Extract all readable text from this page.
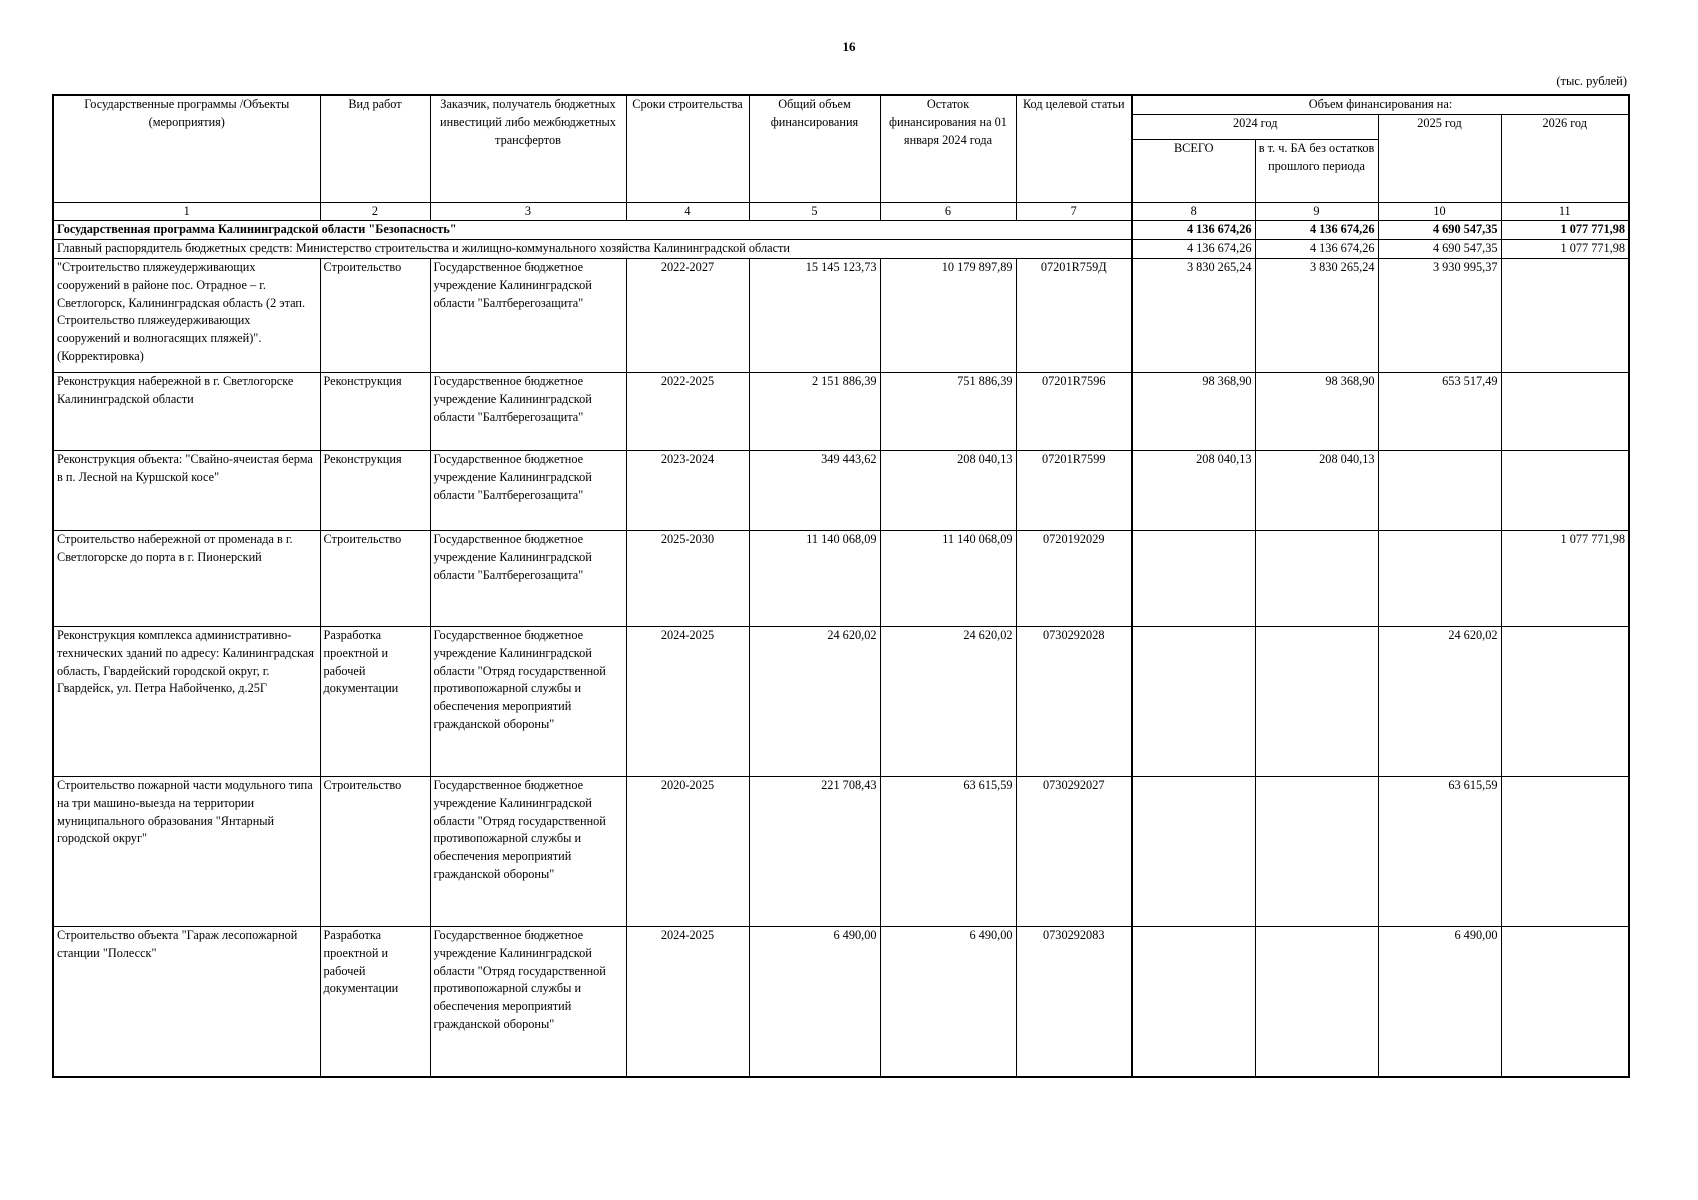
16
(тыс. рублей)
Государственные программы /Объекты (мероприятия)	Вид работ	Заказчик, получатель бюджетных инвестиций либо межбюджетных трансфертов	Сроки строительства	Общий объем финансирования	Остаток финансирования на 01 января 2024 года	Код целевой статьи	Объем финансирования на:			
							2024 год		2025 год	2026 год
							ВСЕГО	в т. ч. БА без остатков прошлого периода		
1	2	3	4	5	6	7	8	9	10	11
Государственная программа Калининградской области "Безопасность"							4 136 674,26	4 136 674,26	4 690 547,35	1 077 771,98
Главный распорядитель бюджетных средств: Министерство строительства и жилищно-коммунального хозяйства Калининградской области							4 136 674,26	4 136 674,26	4 690 547,35	1 077 771,98
"Строительство пляжеудерживающих сооружений в районе пос. Отрадное – г. Светлогорск, Калининградская область (2 этап. Строительство пляжеудерживающих сооружений и волногасящих пляжей)". (Корректировка)	Строительство	Государственное бюджетное учреждение Калининградской области "Балтберегозащита"	2022-2027	15 145 123,73	10 179 897,89	07201R759Д	3 830 265,24	3 830 265,24	3 930 995,37	
Реконструкция набережной в г. Светлогорске Калининградской области	Реконструкция	Государственное бюджетное учреждение Калининградской области "Балтберегозащита"	2022-2025	2 151 886,39	751 886,39	07201R7596	98 368,90	98 368,90	653 517,49	
Реконструкция объекта: "Свайно-ячеистая берма в п. Лесной на Куршской косе"	Реконструкция	Государственное бюджетное учреждение Калининградской области "Балтберегозащита"	2023-2024	349 443,62	208 040,13	07201R7599	208 040,13	208 040,13		
Строительство набережной от променада в г. Светлогорске до порта в г. Пионерский	Строительство	Государственное бюджетное учреждение Калининградской области "Балтберегозащита"	2025-2030	11 140 068,09	11 140 068,09	0720192029				1 077 771,98
Реконструкция комплекса административно-технических зданий по адресу: Калининградская область, Гвардейский городской округ, г. Гвардейск, ул. Петра Набойченко, д.25Г	Разработка проектной и рабочей документации	Государственное бюджетное учреждение Калининградской области "Отряд государственной противопожарной службы и обеспечения мероприятий гражданской обороны"	2024-2025	24 620,02	24 620,02	0730292028			24 620,02	
Строительство пожарной части модульного типа на три машино-выезда на территории муниципального образования "Янтарный городской округ"	Строительство	Государственное бюджетное учреждение Калининградской области "Отряд государственной противопожарной службы и обеспечения мероприятий гражданской обороны"	2020-2025	221 708,43	63 615,59	0730292027			63 615,59	
Строительство объекта "Гараж лесопожарной станции "Полесск"	Разработка проектной и рабочей документации	Государственное бюджетное учреждение Калининградской области "Отряд государственной противопожарной службы и обеспечения мероприятий гражданской обороны"	2024-2025	6 490,00	6 490,00	0730292083			6 490,00	
